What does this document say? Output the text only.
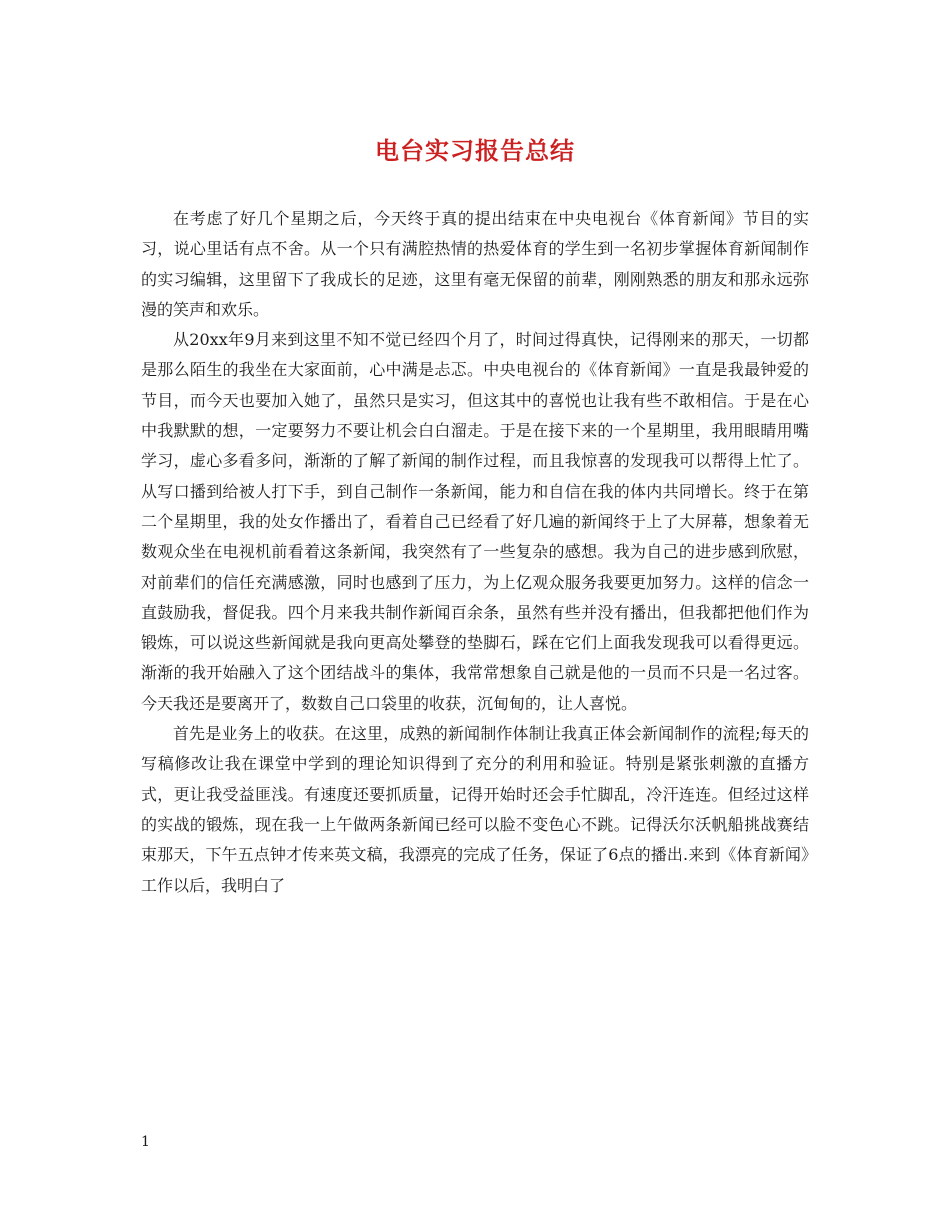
电台实习报告总结

在考虑了好几个星期之后，今天终于真的提出结束在中央电视台《体育新闻》节目的实习，说心里话有点不舍。从一个只有满腔热情的热爱体育的学生到一名初步掌握体育新闻制作的实习编辑，这里留下了我成长的足迹，这里有毫无保留的前辈，刚刚熟悉的朋友和那永远弥漫的笑声和欢乐。

从20xx年9月来到这里不知不觉已经四个月了，时间过得真快，记得刚来的那天，一切都是那么陌生的我坐在大家面前，心中满是忐忑。中央电视台的《体育新闻》一直是我最钟爱的节目，而今天也要加入她了，虽然只是实习，但这其中的喜悦也让我有些不敢相信。于是在心中我默默的想，一定要努力不要让机会白白溜走。于是在接下来的一个星期里，我用眼睛用嘴学习，虚心多看多问，渐渐的了解了新闻的制作过程，而且我惊喜的发现我可以帮得上忙了。从写口播到给被人打下手，到自己制作一条新闻，能力和自信在我的体内共同增长。终于在第二个星期里，我的处女作播出了，看着自己已经看了好几遍的新闻终于上了大屏幕，想象着无数观众坐在电视机前看着这条新闻，我突然有了一些复杂的感想。我为自己的进步感到欣慰，对前辈们的信任充满感激，同时也感到了压力，为上亿观众服务我要更加努力。这样的信念一直鼓励我，督促我。四个月来我共制作新闻百余条，虽然有些并没有播出，但我都把他们作为锻炼，可以说这些新闻就是我向更高处攀登的垫脚石，踩在它们上面我发现我可以看得更远。渐渐的我开始融入了这个团结战斗的集体，我常常想象自己就是他的一员而不只是一名过客。今天我还是要离开了，数数自己口袋里的收获，沉甸甸的，让人喜悦。

首先是业务上的收获。在这里，成熟的新闻制作体制让我真正体会新闻制作的流程;每天的写稿修改让我在课堂中学到的理论知识得到了充分的利用和验证。特别是紧张刺激的直播方式，更让我受益匪浅。有速度还要抓质量，记得开始时还会手忙脚乱，冷汗连连。但经过这样的实战的锻炼，现在我一上午做两条新闻已经可以脸不变色心不跳。记得沃尔沃帆船挑战赛结束那天，下午五点钟才传来英文稿，我漂亮的完成了任务，保证了6点的播出.来到《体育新闻》工作以后，我明白了

1
